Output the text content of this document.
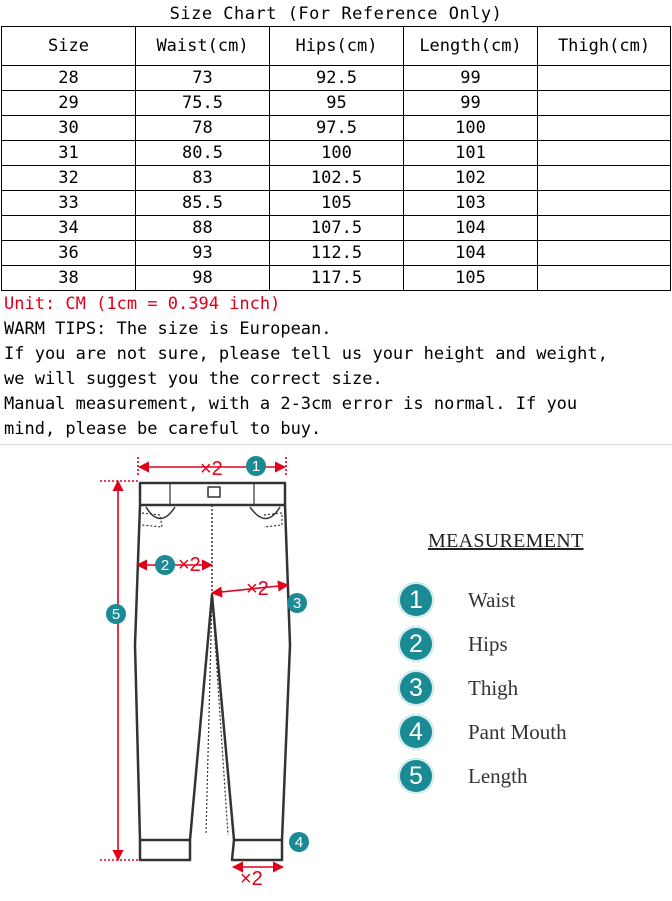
Size Chart (For Reference Only)
Size	Waist(cm)	Hips(cm)	Length(cm)	Thigh(cm)
28	73	92.5	99	
29	75.5	95	99	
30	78	97.5	100	
31	80.5	100	101	
32	83	102.5	102	
33	85.5	105	103	
34	88	107.5	104	
36	93	112.5	104	
38	98	117.5	105	
Unit: CM (1cm = 0.394 inch)
WARM TIPS: The size is European.
If you are not sure, please tell us your height and weight,
we will suggest you the correct size.
Manual measurement, with a 2-3cm error is normal. If you
mind, please be careful to buy.
×2
×2
×2
×2
1
2
3
4
5
MEASUREMENT
1 Waist
2 Hips
3 Thigh
4 Pant Mouth
5 Length
